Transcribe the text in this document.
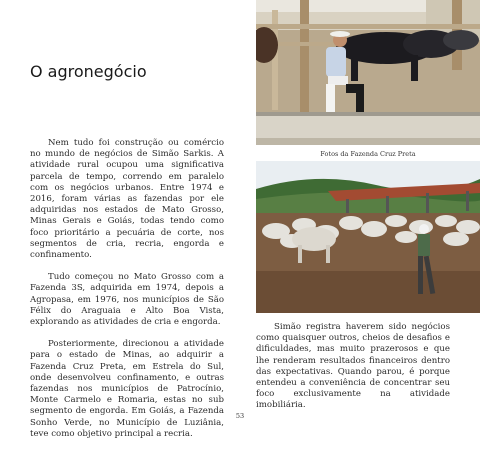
O agronegócio

Nem tudo foi construção ou comércio no mundo de negócios de Simão Sarkis. A atividade rural ocupou uma significativa parcela de tempo, correndo em paralelo com os negócios urbanos. Entre 1974 e 2016, foram várias as fazendas por ele adquiridas nos estados de Mato Grosso, Minas Gerais e Goiás, todas tendo como foco prioritário a pecuária de corte, nos segmentos de cria, recria, engorda e confinamento.

Tudo começou no Mato Grosso com a Fazenda 3S, adquirida em 1974, depois a Agropasa, em 1976, nos municípios de São Félix do Araguaia e Alto Boa Vista, explorando as atividades de cria e engorda.

Posteriormente, direcionou a atividade para o estado de Minas, ao adquirir a Fazenda Cruz Preta, em Estrela do Sul, onde desenvolveu confinamento, e outras fazendas nos municípios de Patrocínio, Monte Carmelo e Romaria, estas no sub segmento de engorda. Em Goiás, a Fazenda Sonho Verde, no Município de Luziânia, teve como objetivo principal a recria.

Fotos da Fazenda Cruz Preta

Simão registra haverem sido negócios como quaisquer outros, cheios de desafios e dificuldades, mas muito prazerosos e que lhe renderam resultados financeiros dentro das expectativas. Quando parou, é porque entendeu a conveniência de concentrar seu foco exclusivamente na atividade imobiliária.

53
